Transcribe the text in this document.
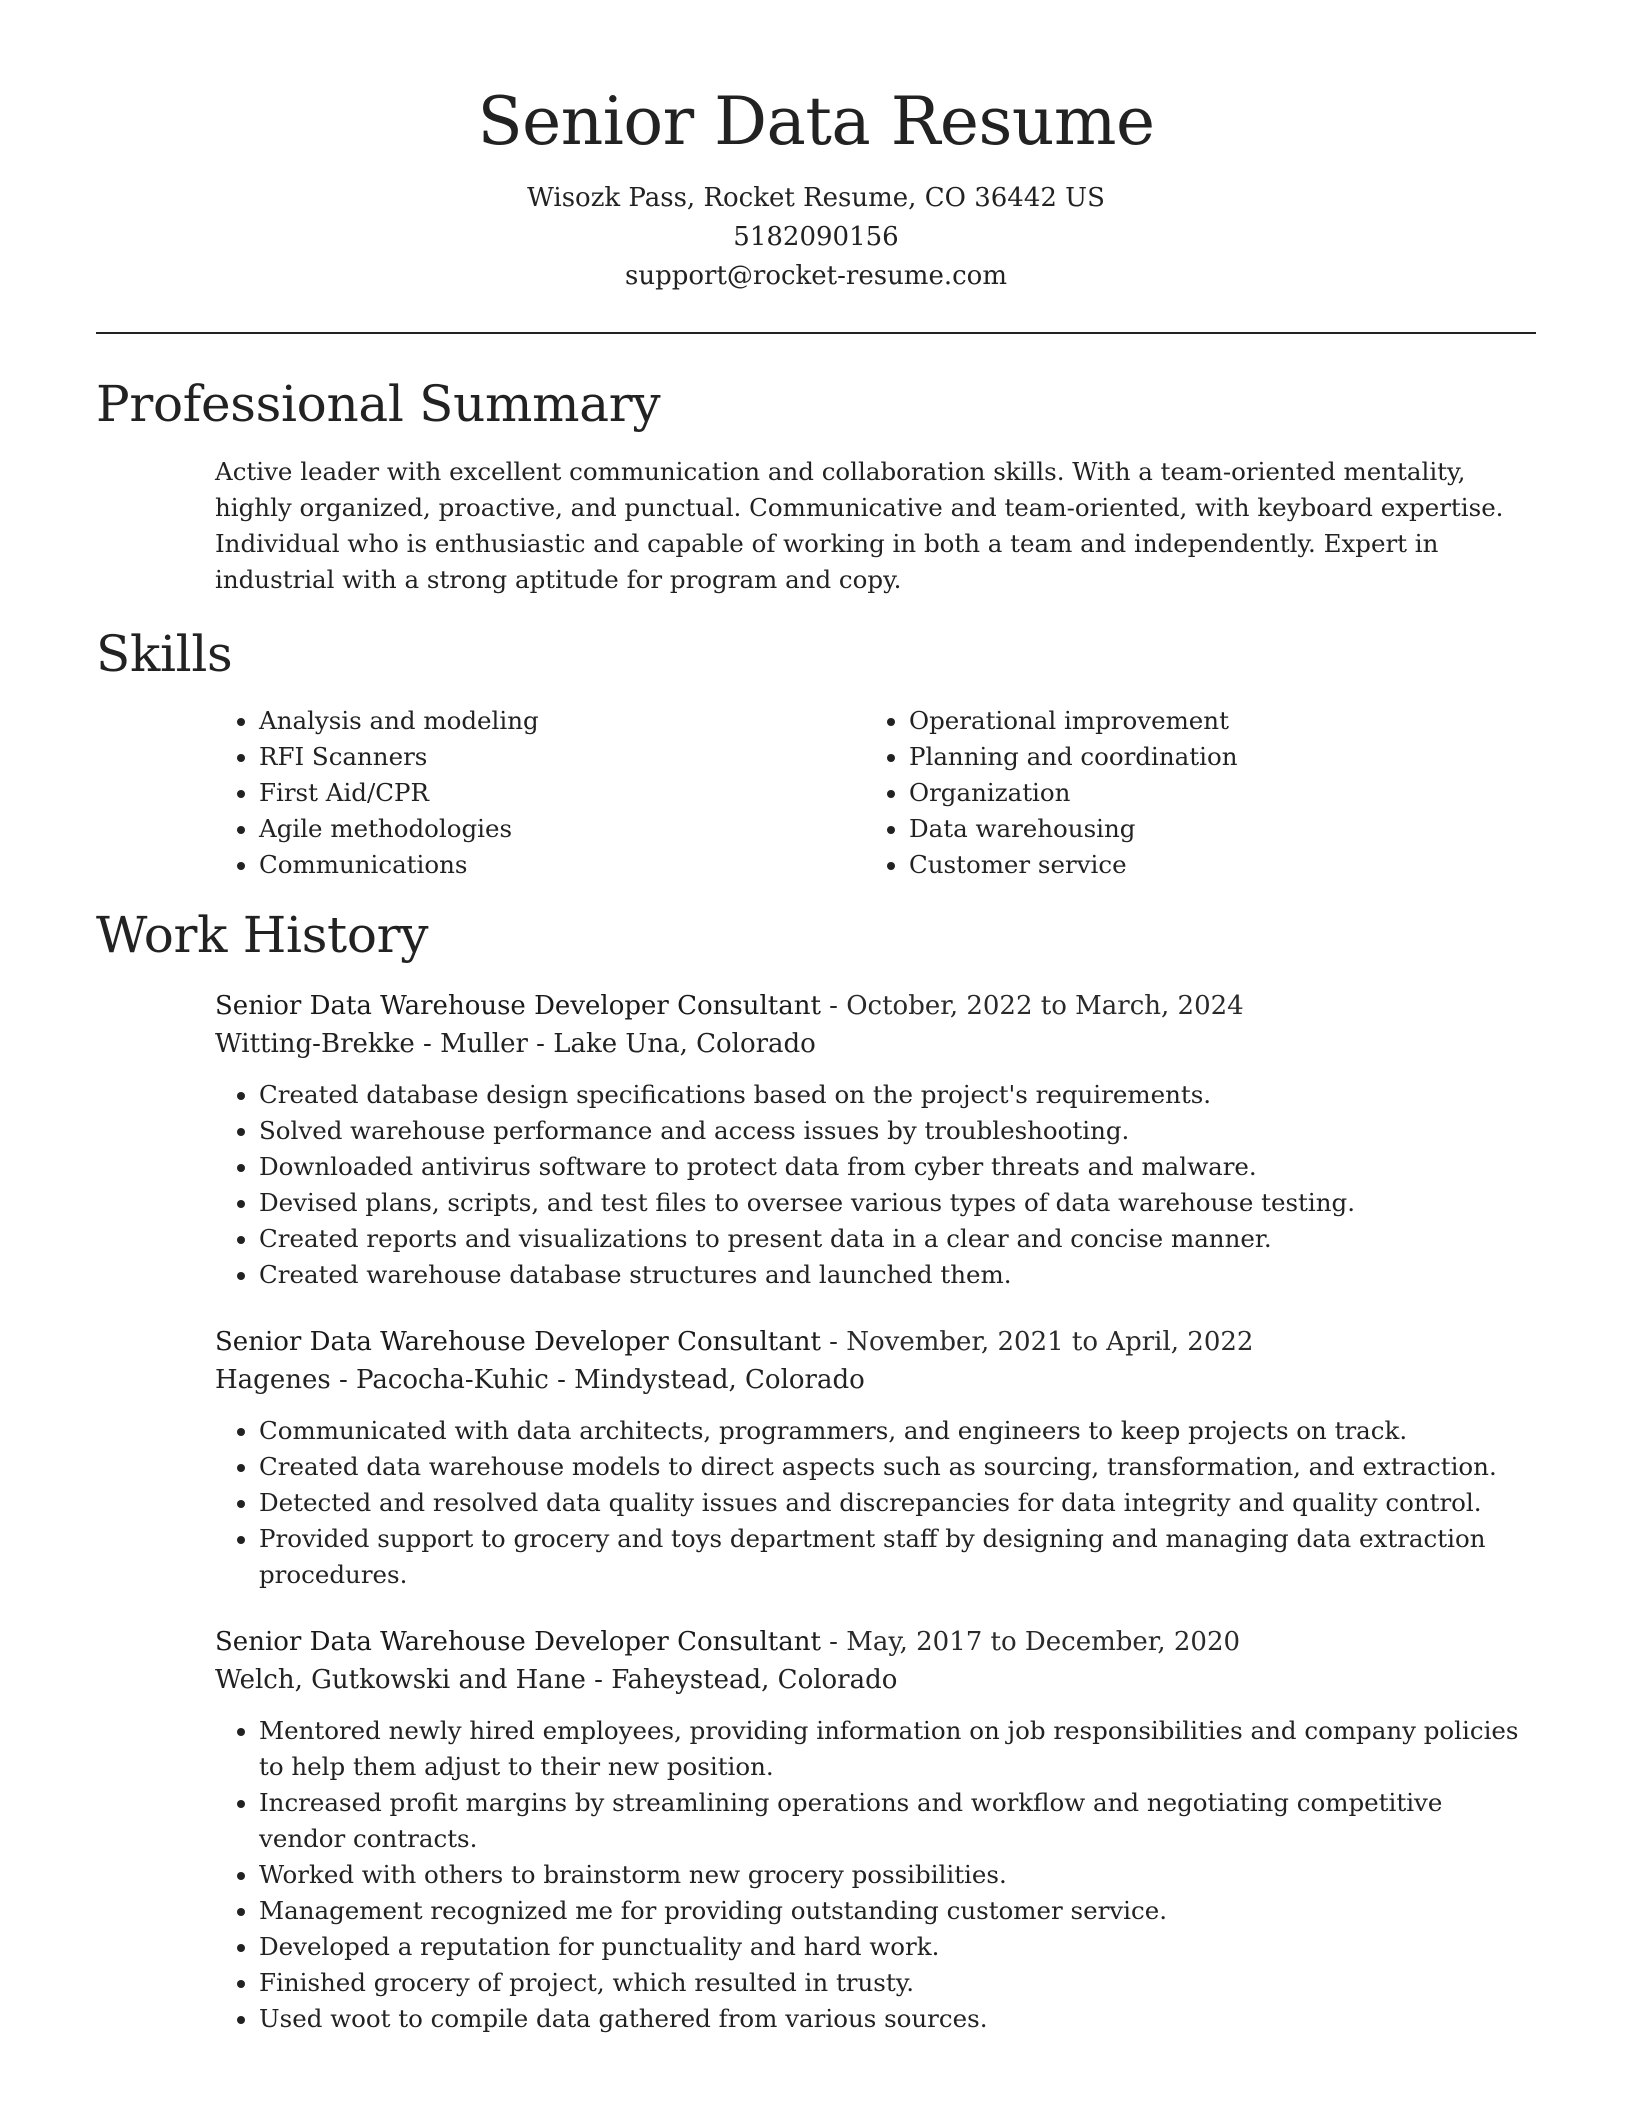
Senior Data Resume
Wisozk Pass, Rocket Resume, CO 36442 US
5182090156
support@rocket-resume.com
Professional Summary

Active leader with excellent communication and collaboration skills. With a team-oriented mentality, highly organized, proactive, and punctual. Communicative and team-oriented, with keyboard expertise. Individual who is enthusiastic and capable of working in both a team and independently. Expert in industrial with a strong aptitude for program and copy.

Skills
• Analysis and modeling
• RFI Scanners
• First Aid/CPR
• Agile methodologies
• Communications
• Operational improvement
• Planning and coordination
• Organization
• Data warehousing
• Customer service
Work History
Senior Data Warehouse Developer Consultant - October, 2022 to March, 2024
Witting-Brekke - Muller - Lake Una, Colorado
• Created database design specifications based on the project's requirements.
• Solved warehouse performance and access issues by troubleshooting.
• Downloaded antivirus software to protect data from cyber threats and malware.
• Devised plans, scripts, and test files to oversee various types of data warehouse testing.
• Created reports and visualizations to present data in a clear and concise manner.
• Created warehouse database structures and launched them.
Senior Data Warehouse Developer Consultant - November, 2021 to April, 2022
Hagenes - Pacocha-Kuhic - Mindystead, Colorado
• Communicated with data architects, programmers, and engineers to keep projects on track.
• Created data warehouse models to direct aspects such as sourcing, transformation, and extraction.
• Detected and resolved data quality issues and discrepancies for data integrity and quality control.
• Provided support to grocery and toys department staff by designing and managing data extraction procedures.
Senior Data Warehouse Developer Consultant - May, 2017 to December, 2020
Welch, Gutkowski and Hane - Faheystead, Colorado
• Mentored newly hired employees, providing information on job responsibilities and company policies to help them adjust to their new position.
• Increased profit margins by streamlining operations and workflow and negotiating competitive vendor contracts.
• Worked with others to brainstorm new grocery possibilities.
• Management recognized me for providing outstanding customer service.
• Developed a reputation for punctuality and hard work.
• Finished grocery of project, which resulted in trusty.
• Used woot to compile data gathered from various sources.
